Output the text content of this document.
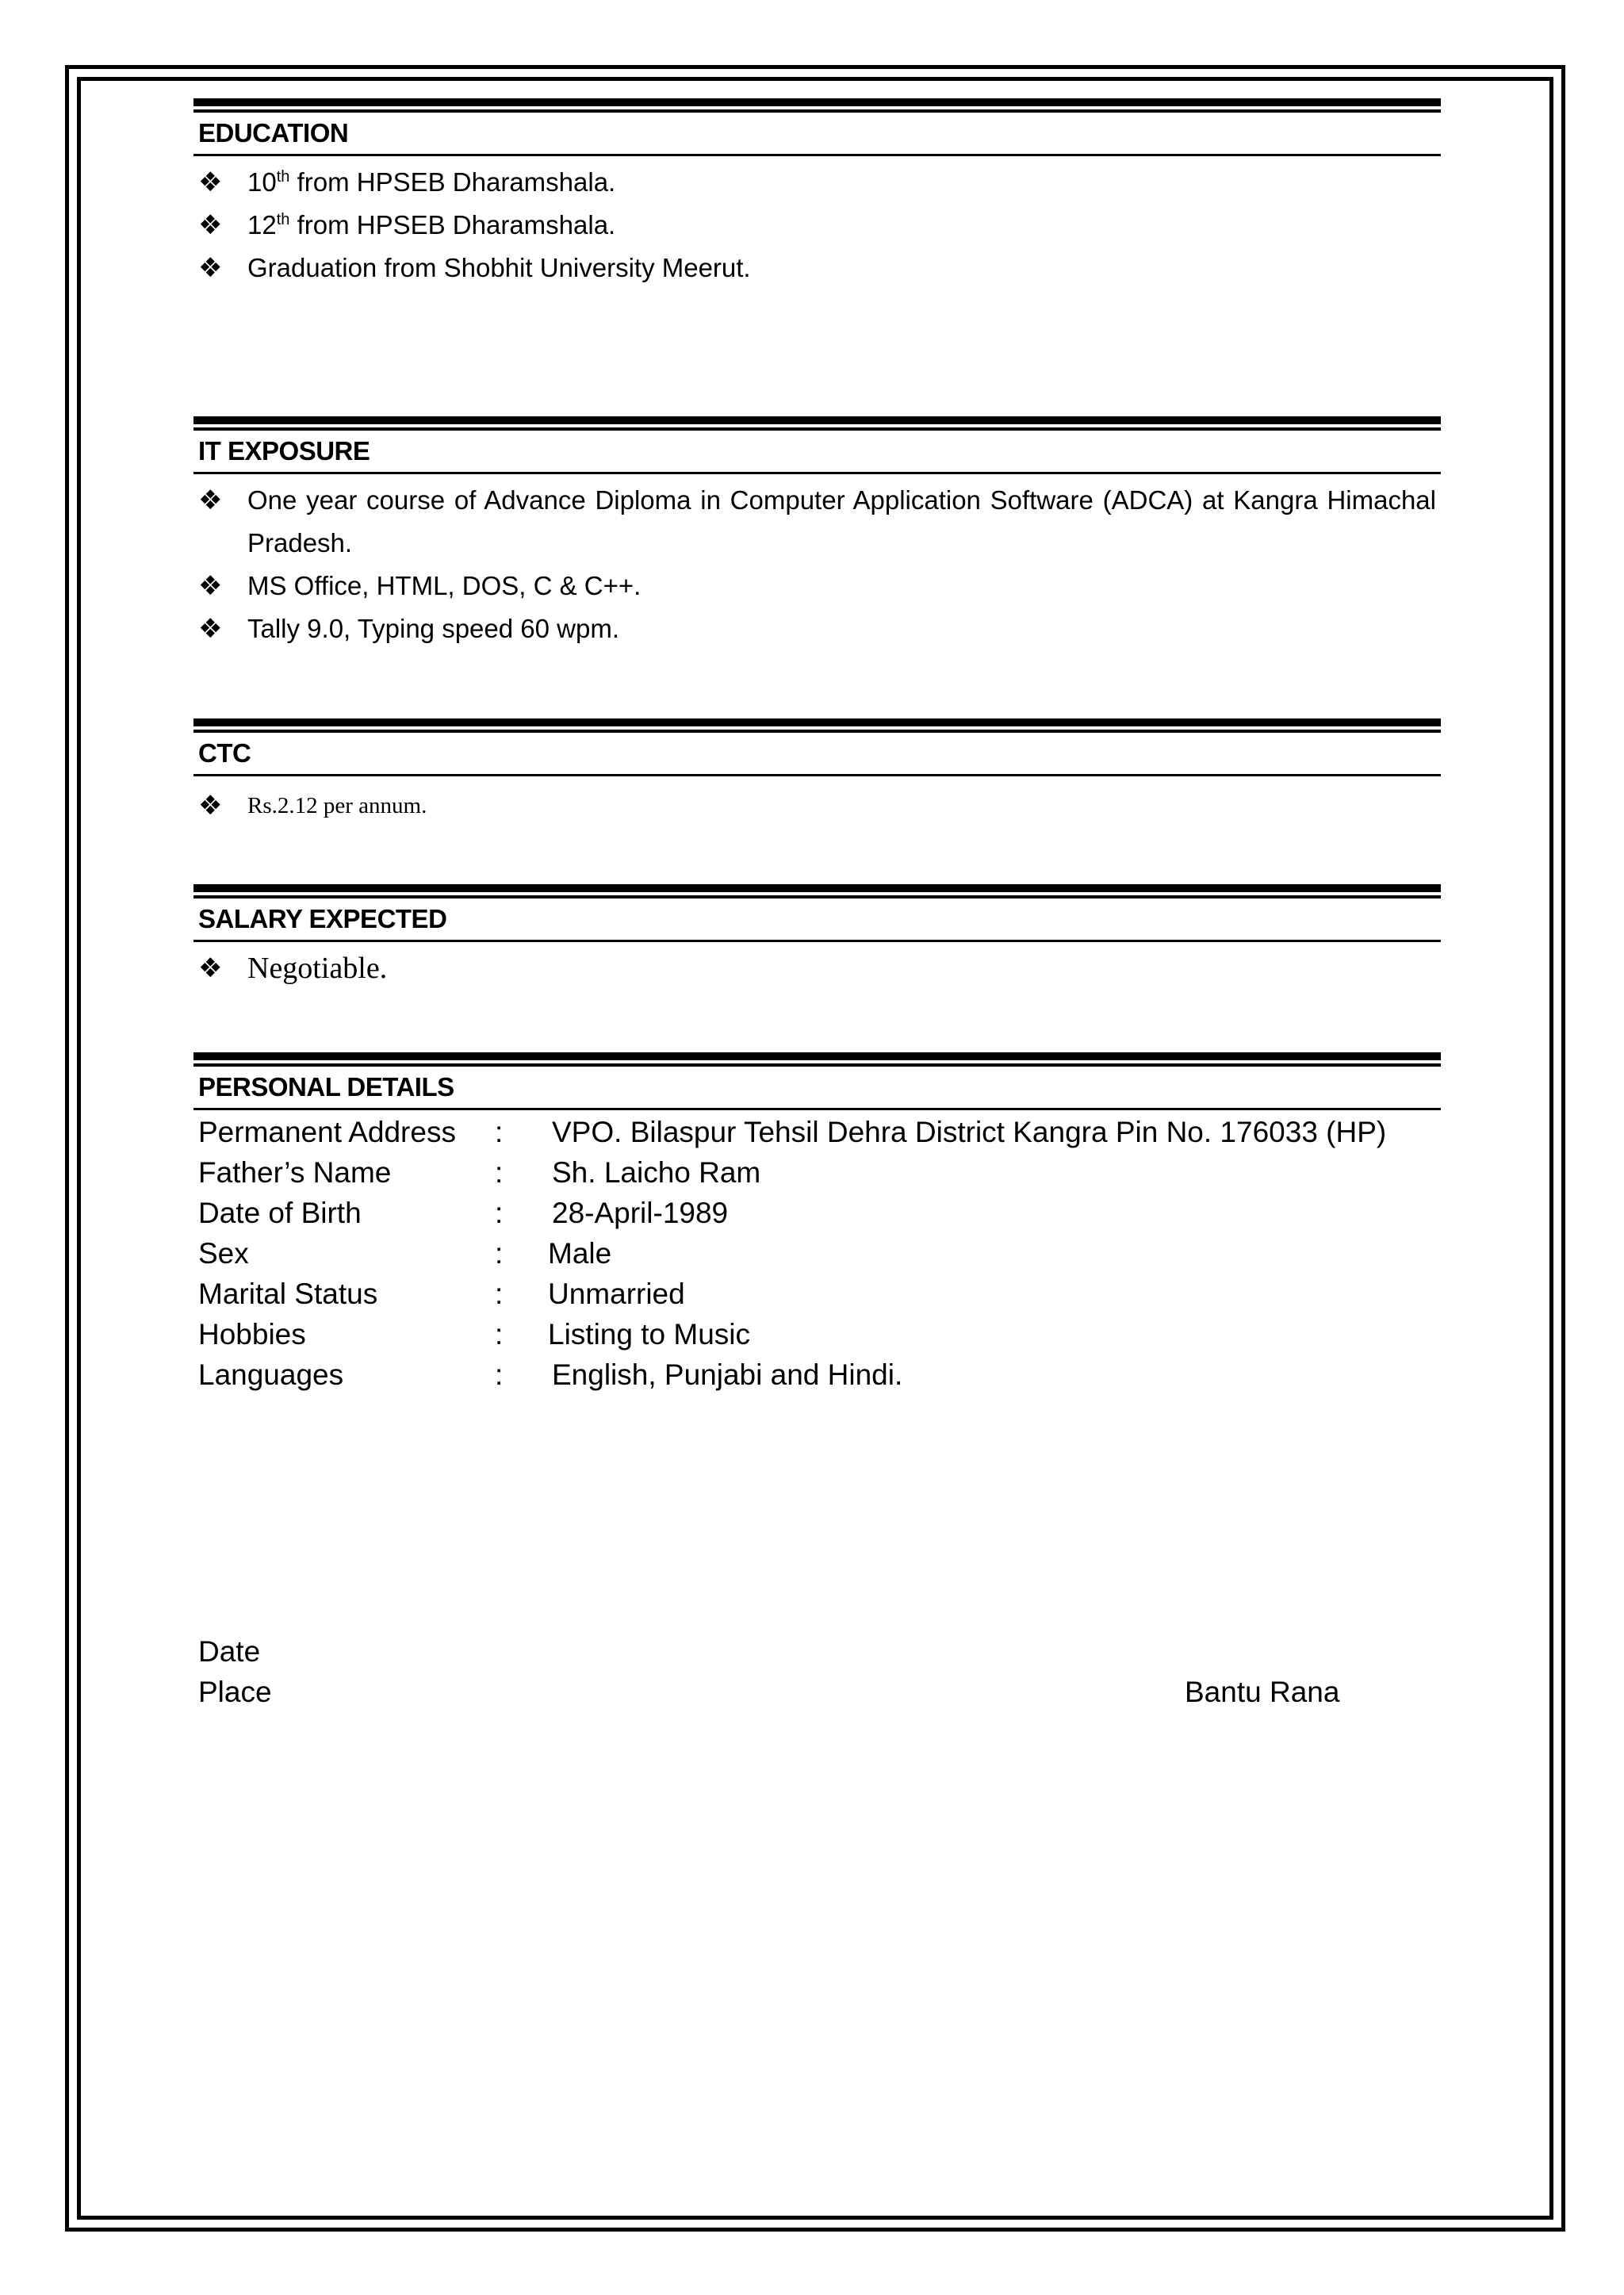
EDUCATION
❖ 10th from HPSEB Dharamshala.
❖ 12th from HPSEB Dharamshala.
❖ Graduation from Shobhit University Meerut.
IT EXPOSURE
❖ One year course of Advance Diploma in Computer Application Software (ADCA) at Kangra Himachal Pradesh.
❖ MS Office, HTML, DOS, C & C++.
❖ Tally 9.0, Typing speed 60 wpm.
CTC
❖ Rs.2.12 per annum.
SALARY EXPECTED
❖ Negotiable.
PERSONAL DETAILS
Permanent Address : VPO. Bilaspur Tehsil Dehra District Kangra Pin No. 176033 (HP)
Father’s Name	: Sh. Laicho Ram
Date of Birth	: 28-April-1989
Sex	: Male
Marital Status	: Unmarried
Hobbies	: Listing to Music
Languages	: English, Punjabi and Hindi.
Date
Place	Bantu Rana
